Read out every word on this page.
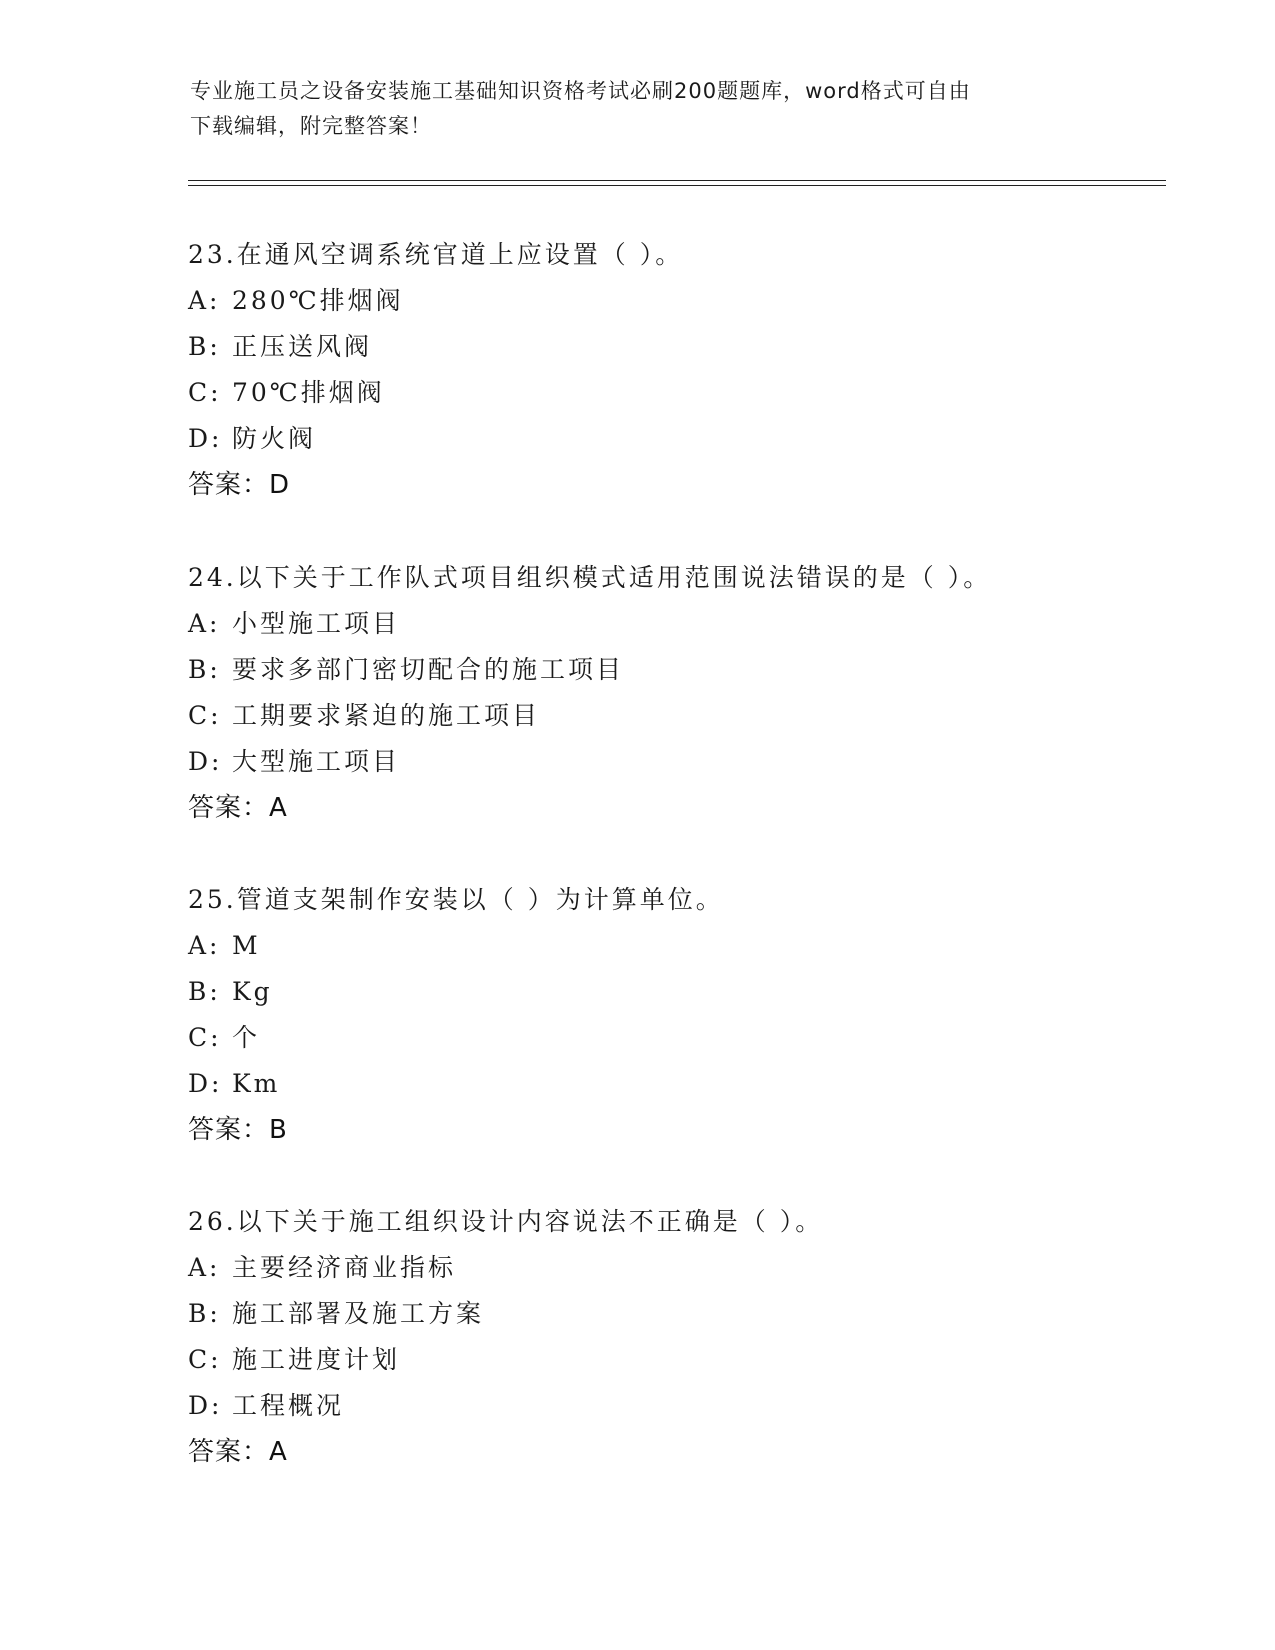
专业施工员之设备安装施工基础知识资格考试必刷200题题库，word格式可自由
下载编辑，附完整答案！
23.在通风空调系统官道上应设置（ ）。
A: 280℃排烟阀
B: 正压送风阀
C: 70℃排烟阀
D: 防火阀
答案：D
24.以下关于工作队式项目组织模式适用范围说法错误的是（ ）。
A: 小型施工项目
B: 要求多部门密切配合的施工项目
C: 工期要求紧迫的施工项目
D: 大型施工项目
答案：A
25.管道支架制作安装以（ ）为计算单位。
A: M
B: Kg
C: 个
D: Km
答案：B
26.以下关于施工组织设计内容说法不正确是（ ）。
A: 主要经济商业指标
B: 施工部署及施工方案
C: 施工进度计划
D: 工程概况
答案：A
